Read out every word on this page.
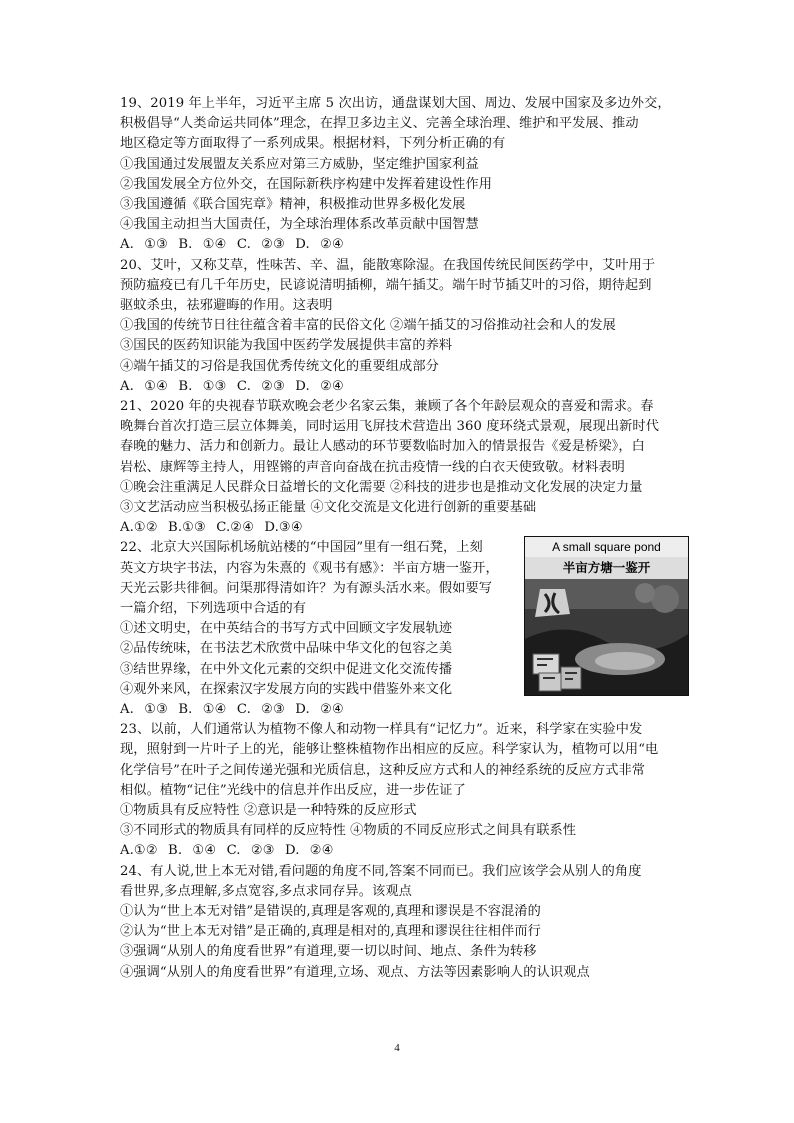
19、2019 年上半年，习近平主席 5 次出访，通盘谋划大国、周边、发展中国家及多边外交，
积极倡导“人类命运共同体”理念，在捍卫多边主义、完善全球治理、维护和平发展、推动
地区稳定等方面取得了一系列成果。根据材料，下列分析正确的有
①我国通过发展盟友关系应对第三方威胁，坚定维护国家利益
②我国发展全方位外交，在国际新秩序构建中发挥着建设性作用
③我国遵循《联合国宪章》精神，积极推动世界多极化发展
④我国主动担当大国责任，为全球治理体系改革贡献中国智慧
A. ①③ B. ①④ C. ②③ D. ②④
20、艾叶，又称艾草，性味苦、辛、温，能散寒除湿。在我国传统民间医药学中，艾叶用于
预防瘟疫已有几千年历史，民谚说清明插柳，端午插艾。端午时节插艾叶的习俗，期待起到
驱蚊杀虫，祛邪避晦的作用。这表明
①我国的传统节日往往蕴含着丰富的民俗文化 ②端午插艾的习俗推动社会和人的发展
③国民的医药知识能为我国中医药学发展提供丰富的养料
④端午插艾的习俗是我国优秀传统文化的重要组成部分
A. ①④ B. ①③ C. ②③ D. ②④
21、2020 年的央视春节联欢晚会老少名家云集，兼顾了各个年龄层观众的喜爱和需求。春
晚舞台首次打造三层立体舞美，同时运用飞屏技术营造出 360 度环绕式景观，展现出新时代
春晚的魅力、活力和创新力。最让人感动的环节要数临时加入的情景报告《爱是桥梁》，白
岩松、康辉等主持人，用铿锵的声音向奋战在抗击疫情一线的白衣天使致敬。材料表明
①晚会注重满足人民群众日益增长的文化需要 ②科技的进步也是推动文化发展的决定力量
③文艺活动应当积极弘扬正能量 ④文化交流是文化进行创新的重要基础
A.①② B.①③ C.②④ D.③④
22、北京大兴国际机场航站楼的“中国园”里有一组石凳，上刻
英文方块字书法，内容为朱熹的《观书有感》：半亩方塘一鉴开，
天光云影共徘徊。问渠那得清如许？为有源头活水来。假如要写
一篇介绍，下列选项中合适的有
①述文明史，在中英结合的书写方式中回顾文字发展轨迹
②品传统味，在书法艺术欣赏中品味中华文化的包容之美
③结世界缘，在中外文化元素的交织中促进文化交流传播
④观外来风，在探索汉字发展方向的实践中借鉴外来文化
A. ①③ B. ①④ C. ②③ D. ②④
A small square pond
半亩方塘一鉴开
23、以前，人们通常认为植物不像人和动物一样具有“记忆力”。近来，科学家在实验中发
现，照射到一片叶子上的光，能够让整株植物作出相应的反应。科学家认为，植物可以用“电
化学信号”在叶子之间传递光强和光质信息，这种反应方式和人的神经系统的反应方式非常
相似。植物“记住”光线中的信息并作出反应，进一步佐证了
①物质具有反应特性 ②意识是一种特殊的反应形式
③不同形式的物质具有同样的反应特性 ④物质的不同反应形式之间具有联系性
A.①② B. ①④ C. ②③ D. ②④
24、有人说,世上本无对错,看问题的角度不同,答案不同而已。我们应该学会从别人的角度
看世界,多点理解,多点宽容,多点求同存异。该观点
①认为“世上本无对错”是错误的,真理是客观的,真理和谬误是不容混淆的
②认为“世上本无对错”是正确的,真理是相对的,真理和谬误往往相伴而行
③强调“从别人的角度看世界”有道理,要一切以时间、地点、条件为转移
④强调“从别人的角度看世界”有道理,立场、观点、方法等因素影响人的认识观点
4
